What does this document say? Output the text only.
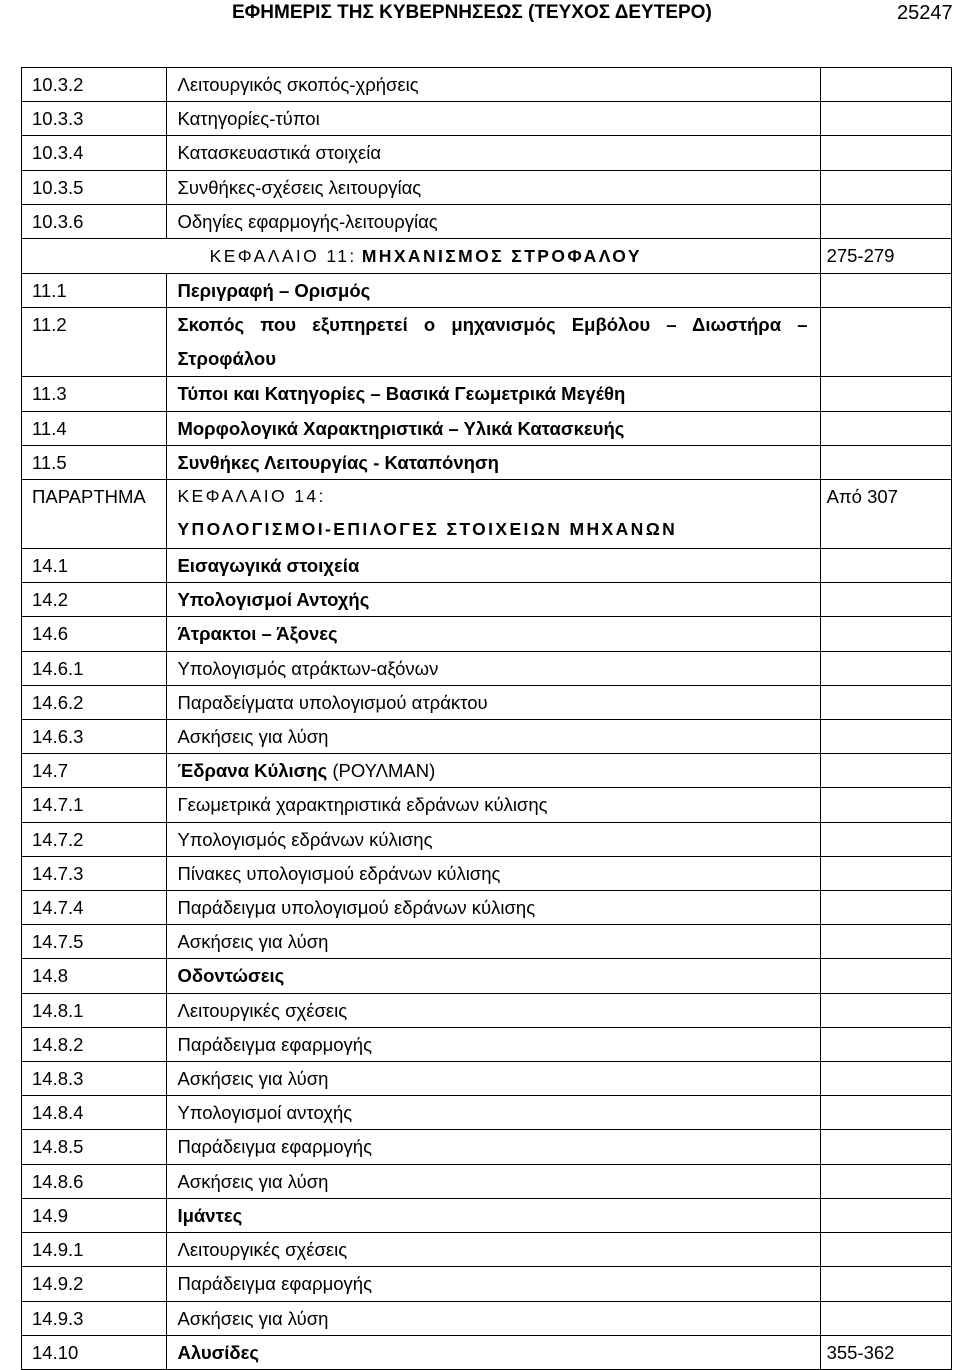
ΕΦΗΜΕΡΙΣ ΤΗΣ ΚΥΒΕΡΝΗΣΕΩΣ (ΤΕΥΧΟΣ ΔΕΥΤΕΡΟ)	25247
10.3.2	Λειτουργικός σκοπός-χρήσεις	
10.3.3	Κατηγορίες-τύποι	
10.3.4	Κατασκευαστικά στοιχεία	
10.3.5	Συνθήκες-σχέσεις λειτουργίας	
10.3.6	Οδηγίες εφαρμογής-λειτουργίας	
ΚΕΦΑΛΑΙΟ 11: ΜΗΧΑΝΙΣΜΟΣ ΣΤΡΟΦΑΛΟΥ		275-279
11.1	Περιγραφή – Ορισμός	
11.2	Σκοπός που εξυπηρετεί ο μηχανισμός Εμβόλου – Διωστήρα – Στροφάλου	
11.3	Τύποι και Κατηγορίες – Βασικά Γεωμετρικά Μεγέθη	
11.4	Μορφολογικά Χαρακτηριστικά – Υλικά Κατασκευής	
11.5	Συνθήκες Λειτουργίας - Καταπόνηση	
ΠΑΡΑΡΤΗΜΑ	ΚΕΦΑΛΑΙΟ 14:
ΥΠΟΛΟΓΙΣΜΟΙ-ΕΠΙΛΟΓΕΣ ΣΤΟΙΧΕΙΩΝ ΜΗΧΑΝΩΝ	Από 307
14.1	Εισαγωγικά στοιχεία	
14.2	Υπολογισμοί Αντοχής	
14.6	Άτρακτοι – Άξονες	
14.6.1	Υπολογισμός ατράκτων-αξόνων	
14.6.2	Παραδείγματα υπολογισμού ατράκτου	
14.6.3	Ασκήσεις για λύση	
14.7	Έδρανα Κύλισης (ΡΟΥΛΜΑΝ)	
14.7.1	Γεωμετρικά χαρακτηριστικά εδράνων κύλισης	
14.7.2	Υπολογισμός εδράνων κύλισης	
14.7.3	Πίνακες υπολογισμού εδράνων κύλισης	
14.7.4	Παράδειγμα υπολογισμού εδράνων κύλισης	
14.7.5	Ασκήσεις για λύση	
14.8	Οδοντώσεις	
14.8.1	Λειτουργικές σχέσεις	
14.8.2	Παράδειγμα εφαρμογής	
14.8.3	Ασκήσεις για λύση	
14.8.4	Υπολογισμοί αντοχής	
14.8.5	Παράδειγμα εφαρμογής	
14.8.6	Ασκήσεις για λύση	
14.9	Ιμάντες	
14.9.1	Λειτουργικές σχέσεις	
14.9.2	Παράδειγμα εφαρμογής	
14.9.3	Ασκήσεις για λύση	
14.10	Αλυσίδες	355-362
